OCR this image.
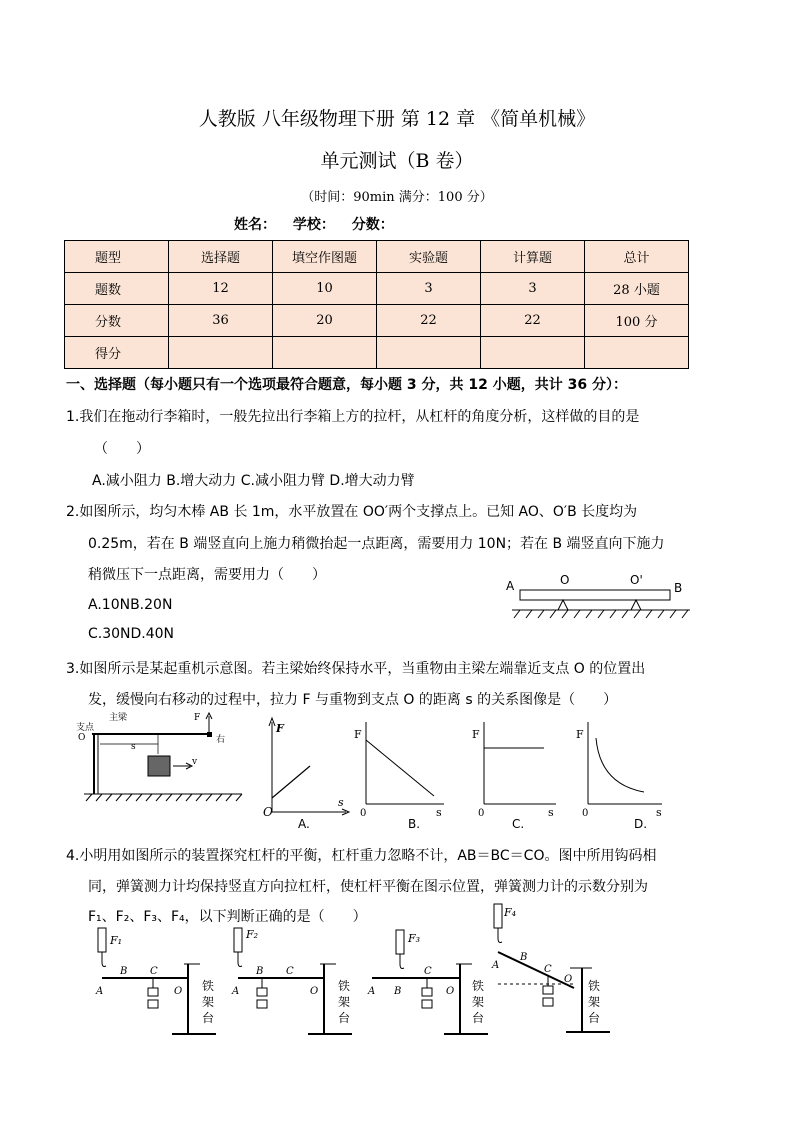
人教版 八年级物理下册 第 12 章 《简单机械》
单元测试（B 卷）
（时间：90min 满分：100 分）
姓名： 学校： 分数：
题型	选择题	填空作图题	实验题	计算题	总计
题数	12	10	3	3	28 小题
分数	36	20	22	22	100 分
得分					
一、选择题（每小题只有一个选项最符合题意，每小题 3 分，共 12 小题，共计 36 分）：
1.我们在拖动行李箱时，一般先拉出行李箱上方的拉杆，从杠杆的角度分析，这样做的目的是
（　　）
A.减小阻力 B.增大动力 C.减小阻力臂 D.增大动力臂
2.如图所示，均匀木棒 AB 长 1m，水平放置在 OO′两个支撑点上。已知 AO、O′B 长度均为
0.25m，若在 B 端竖直向上施力稍微抬起一点距离，需要用力 10N；若在 B 端竖直向下施力
稍微压下一点距离，需要用力（　　）
A.10NB.20N
C.30ND.40N
A	O	O'
B
3.如图所示是某起重机示意图。若主梁始终保持水平，当重物由主梁左端靠近支点 O 的位置出
发，缓慢向右移动的过程中，拉力 F 与重物到支点 O 的距离 s 的关系图像是（　　）
支点
O
主梁	F
右
s
v
F
s
O
A.
F
s
0
B.
F
s
0
C.
F
s
0
D.
4.小明用如图所示的装置探究杠杆的平衡，杠杆重力忽略不计，AB＝BC＝CO。图中所用钩码相
同，弹簧测力计均保持竖直方向拉杠杆，使杠杆平衡在图示位置，弹簧测力计的示数分别为
F₁、F₂、F₃、F₄，以下判断正确的是（　　）
F₁
A
B C
O 铁
架
台
F₂
A
B C
O 铁
架
台
F₃
A B
C
O 铁
架
台
F₄
A
B
C
O 铁
架
台
